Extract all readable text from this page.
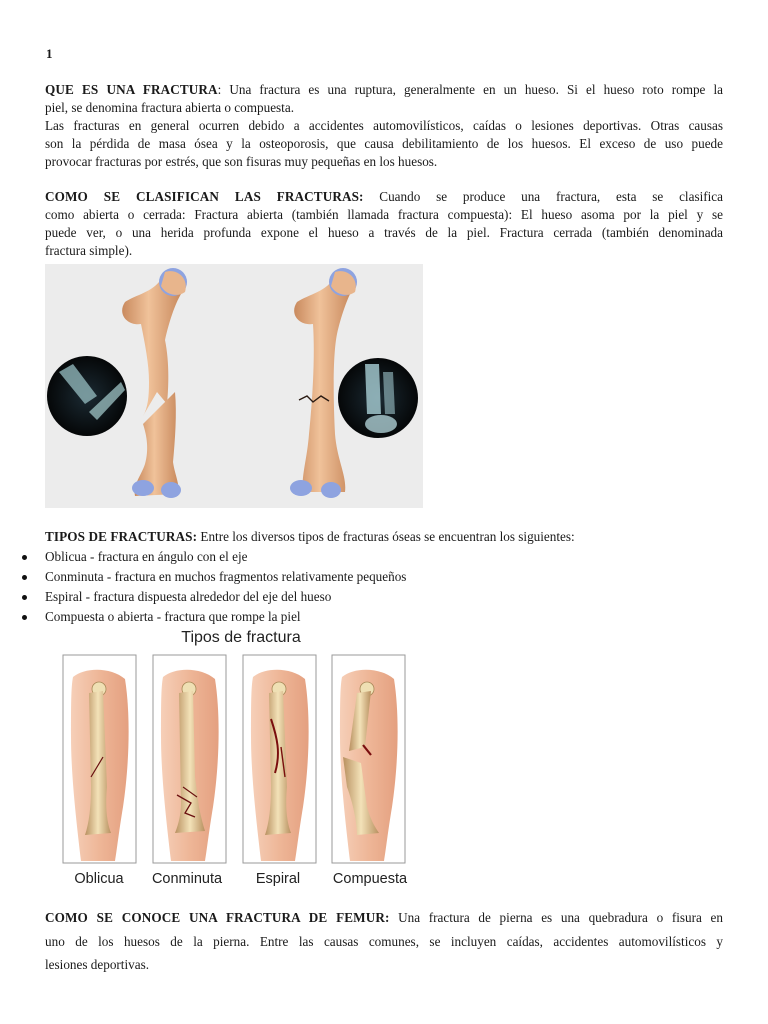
1
QUE ES UNA FRACTURA: Una fractura es una ruptura, generalmente en un hueso. Si el hueso roto rompe la
piel, se denomina fractura abierta o compuesta.
Las fracturas en general ocurren debido a accidentes automovilísticos, caídas o lesiones deportivas. Otras causas
son la pérdida de masa ósea y la osteoporosis, que causa debilitamiento de los huesos. El exceso de uso puede
provocar fracturas por estrés, que son fisuras muy pequeñas en los huesos.
COMO SE CLASIFICAN LAS FRACTURAS: Cuando se produce una fractura, esta se clasifica
como abierta o cerrada: Fractura abierta (también llamada fractura compuesta): El hueso asoma por la piel y se
puede ver, o una herida profunda expone el hueso a través de la piel. Fractura cerrada (también denominada
fractura simple).
TIPOS DE FRACTURAS: Entre los diversos tipos de fracturas óseas se encuentran los siguientes:
Oblicua - fractura en ángulo con el eje
Conminuta - fractura en muchos fragmentos relativamente pequeños
Espiral - fractura dispuesta alrededor del eje del hueso
Compuesta o abierta - fractura que rompe la piel
Tipos de fractura
Oblicua	Conminuta	Espiral	Compuesta
COMO SE CONOCE UNA FRACTURA DE FEMUR: Una fractura de pierna es una quebradura o fisura en
uno de los huesos de la pierna. Entre las causas comunes, se incluyen caídas, accidentes automovilísticos y
lesiones deportivas.
